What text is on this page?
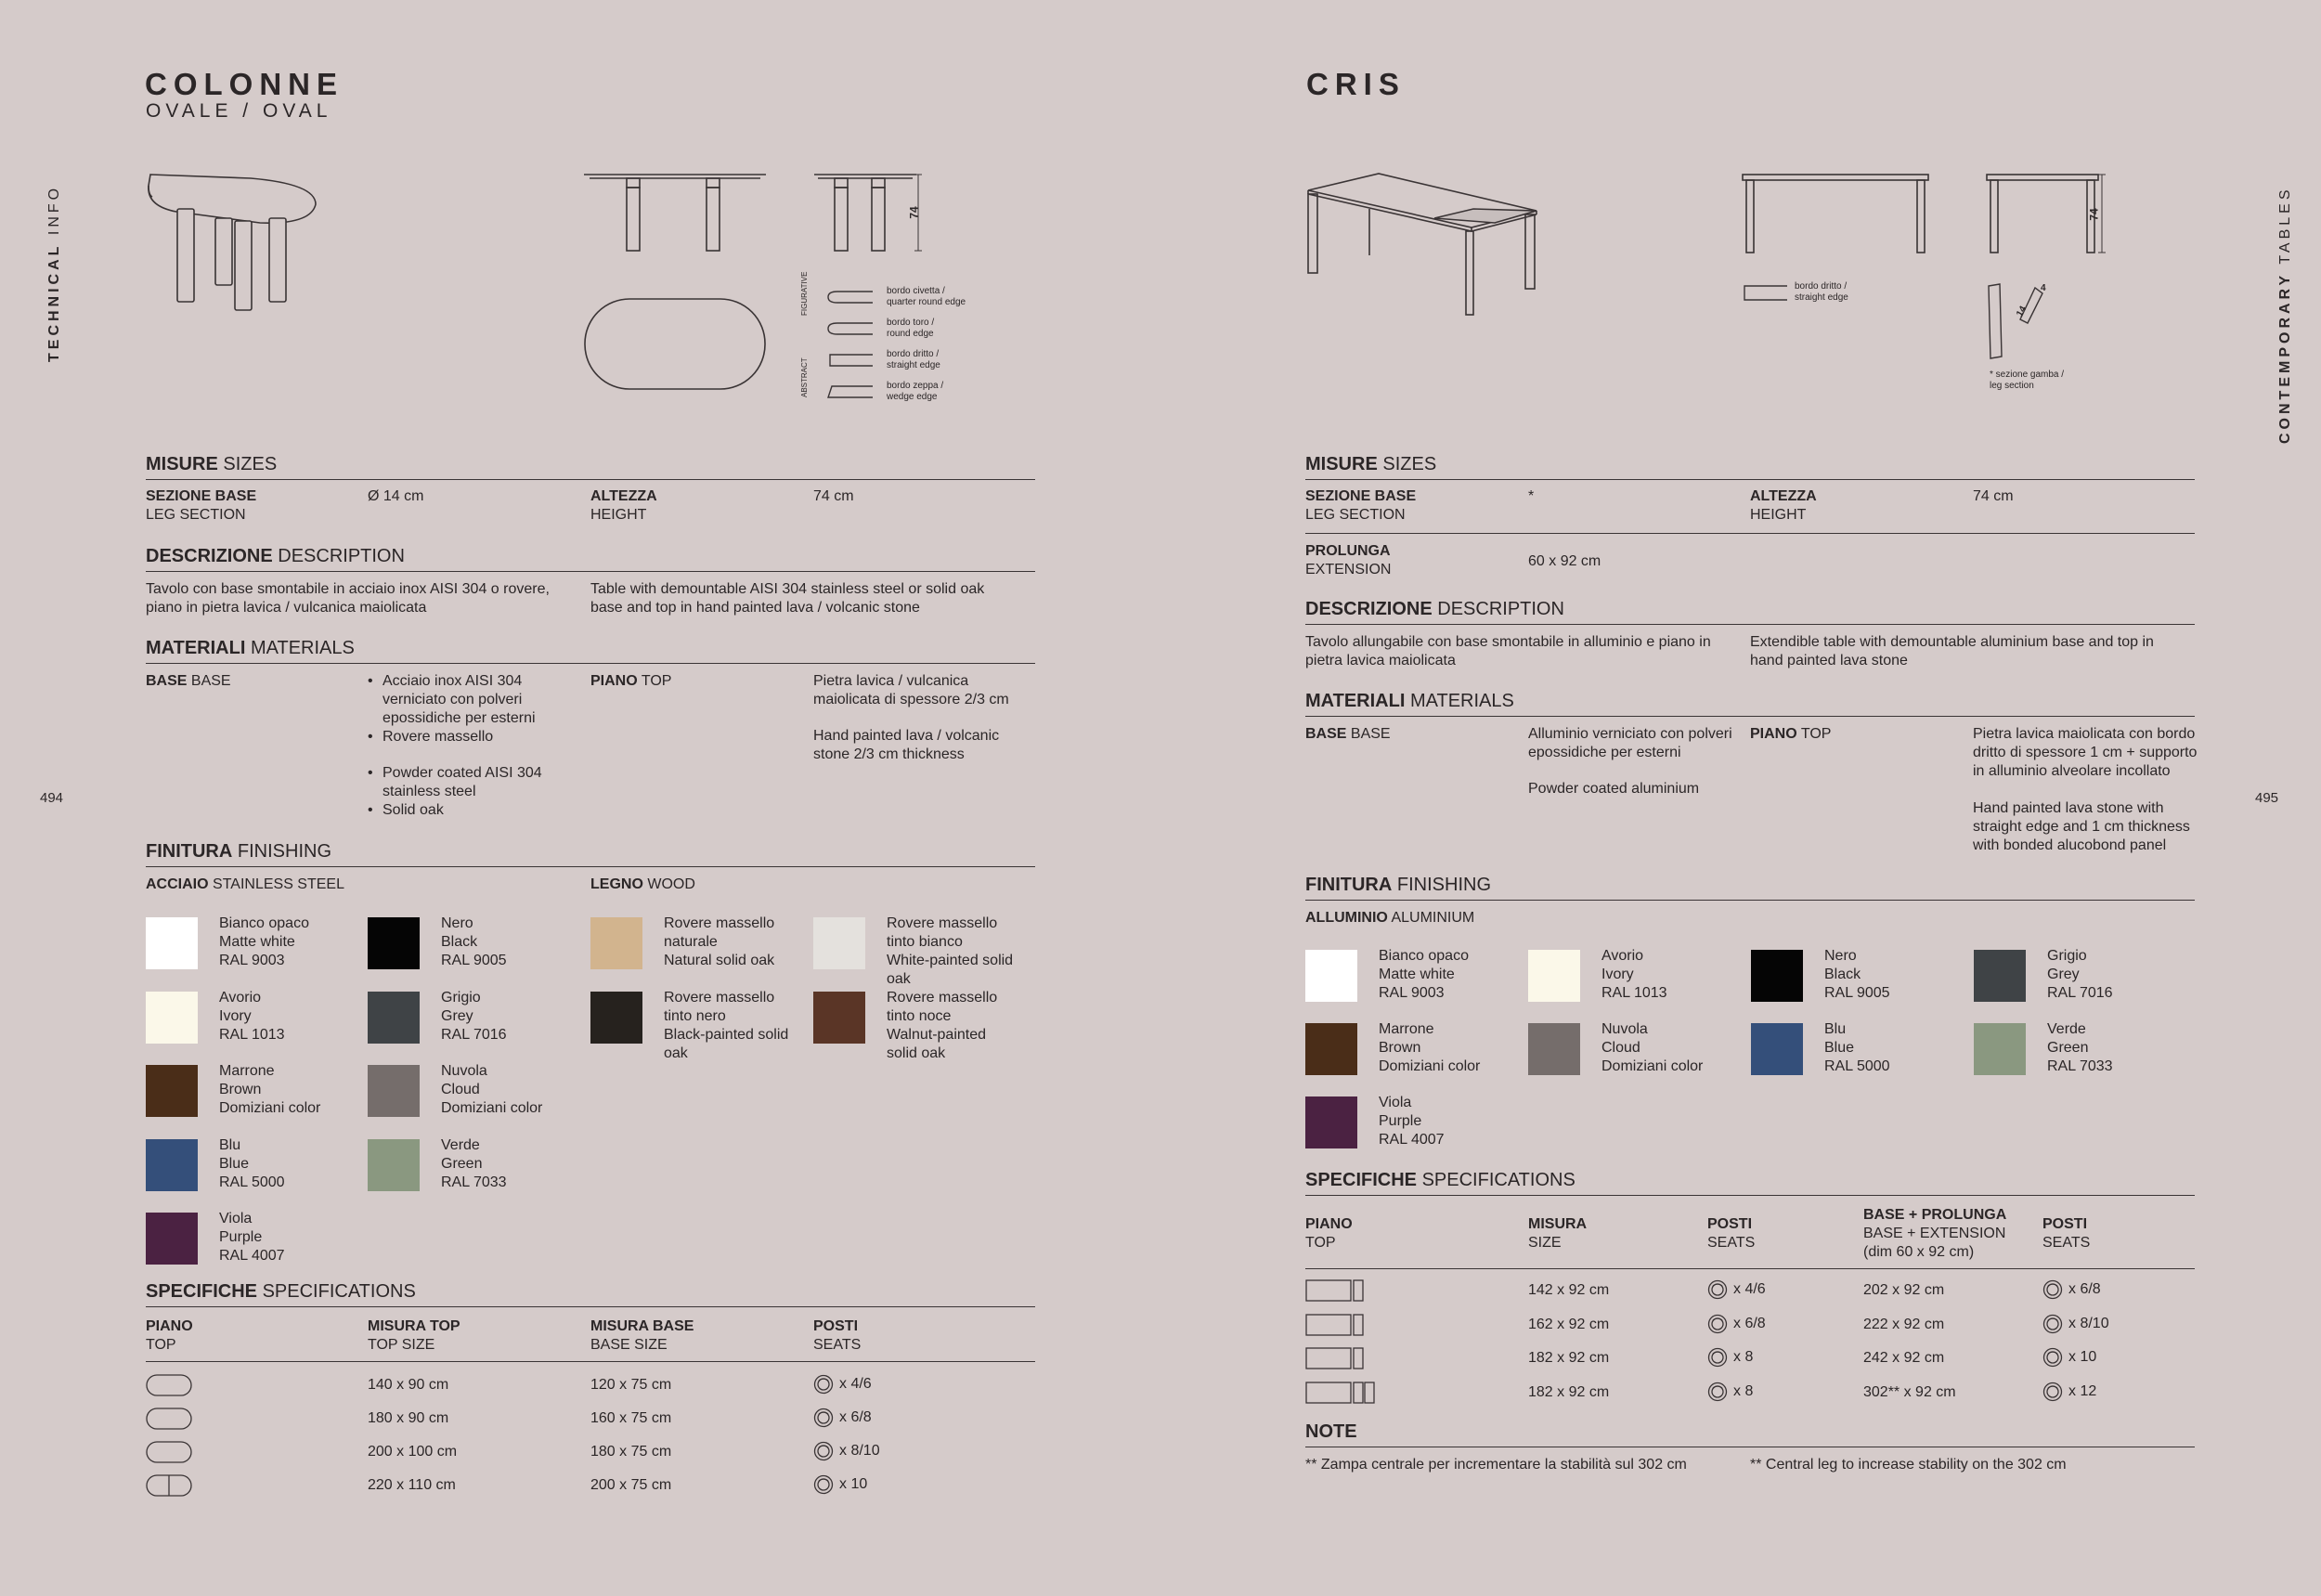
TECHNICAL INFO
CONTEMPORARY TABLES
494	495
COLONNE
OVALE / OVAL
74
FIGURATIVE
ABSTRACT
bordo civetta /
quarter round edge
bordo toro /
round edge
bordo dritto /
straight edge
bordo zeppa /
wedge edge
MISURE SIZES
SEZIONE BASE
LEG SECTION
Ø 14 cm	ALTEZZA
HEIGHT
74 cm
DESCRIZIONE DESCRIPTION
Tavolo con base smontabile in acciaio inox AISI 304 o rovere, piano in pietra lavica / vulcanica maiolicata
Table with demountable AISI 304 stainless steel or solid oak base and top in hand painted lava / volcanic stone
MATERIALI MATERIALS
BASE BASE
•	Acciaio inox AISI 304 verniciato con polveri epossidiche per esterni
• Rovere massello
• Powder coated AISI 304 stainless steel
• Solid oak
PIANO TOP	Pietra lavica / vulcanica maiolicata di spessore 2/3 cm
Hand painted lava / volcanic stone 2/3 cm thickness
FINITURA FINISHING
ACCIAIO STAINLESS STEEL	LEGNO WOOD
Bianco opaco
Matte white
RAL 9003
Nero
Black
RAL 9005
Avorio
Ivory
RAL 1013
Grigio
Grey
RAL 7016
Marrone
Brown
Domiziani color
Nuvola
Cloud
Domiziani color
Blu
Blue
RAL 5000
Verde
Green
RAL 7033
Viola
Purple
RAL 4007
Rovere massello
naturale
Natural solid oak
Rovere massello
tinto bianco
White-painted solid
oak
Rovere massello
tinto nero
Black-painted solid
oak
Rovere massello
tinto noce
Walnut-painted
solid oak
SPECIFICHE SPECIFICATIONS
PIANO
TOP
MISURA TOP
TOP SIZE
MISURA BASE
BASE SIZE
POSTI
SEATS
140 x 90 cm	120 x 75 cm	x 4/6
180 x 90 cm	160 x 75 cm	x 6/8
200 x 100 cm	180 x 75 cm	x 8/10
220 x 110 cm	200 x 75 cm	x 10
CRIS
74
bordo dritto /
straight edge
14
4
* sezione gamba /
leg section
MISURE SIZES
SEZIONE BASE
LEG SECTION
*	ALTEZZA
HEIGHT
74 cm
PROLUNGA
EXTENSION
60 x 92 cm
DESCRIZIONE DESCRIPTION
Tavolo allungabile con base smontabile in alluminio e piano in pietra lavica maiolicata
Extendible table with demountable aluminium base and top in hand painted lava stone
MATERIALI MATERIALS
BASE BASE	Alluminio verniciato con polveri epossidiche per esterni
Powder coated aluminium
PIANO TOP	Pietra lavica maiolicata con bordo dritto di spessore 1 cm + supporto in alluminio alveolare incollato
Hand painted lava stone with straight edge and 1 cm thickness with bonded alucobond panel
FINITURA FINISHING
ALLUMINIO ALUMINIUM
Bianco opaco
Matte white
RAL 9003
Avorio
Ivory
RAL 1013
Nero
Black
RAL 9005
Grigio
Grey
RAL 7016
Marrone
Brown
Domiziani color
Nuvola
Cloud
Domiziani color
Blu
Blue
RAL 5000
Verde
Green
RAL 7033
Viola
Purple
RAL 4007
SPECIFICHE SPECIFICATIONS
PIANO
TOP
MISURA
SIZE
POSTI
SEATS
BASE + PROLUNGA
BASE + EXTENSION
(dim 60 x 92 cm)
POSTI
SEATS
142 x 92 cm	x 4/6	202 x 92 cm	x 6/8
162 x 92 cm	x 6/8	222 x 92 cm	x 8/10
182 x 92 cm	x 8	242 x 92 cm	x 10
182 x 92 cm	x 8	302** x 92 cm	x 12
NOTE
** Zampa centrale per incrementare la stabilità sul 302 cm	** Central leg to increase stability on the 302 cm
